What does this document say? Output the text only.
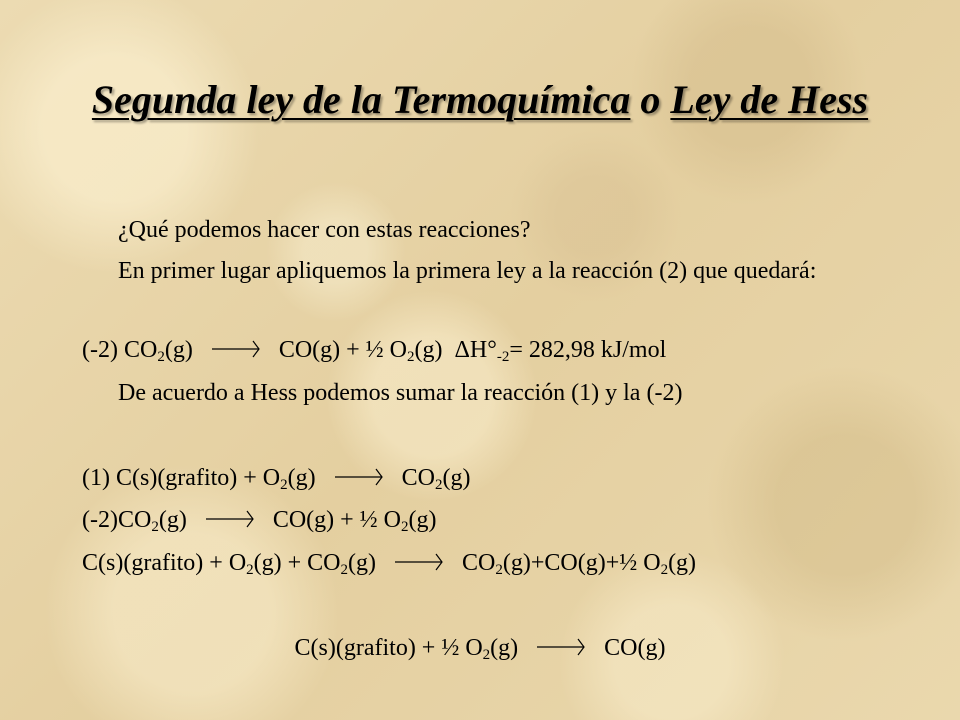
Segunda ley de la Termoquímica o Ley de Hess
¿Qué podemos hacer con estas reacciones?
En primer lugar apliquemos la primera ley a la reacción (2) que quedará:
(-2) $CO_2(g) \to CO(g)$ + ½ $O_2(g)$ $\Delta H^\circ_{-2}= 282,98$ kJ/mol
De acuerdo a Hess podemos sumar la reacción (1) y la (-2)
(1) C(s)(grafito) + $O_2(g) \to CO_2(g)$
$(-2)CO_2(g) \to CO(g)$ + ½ $O_2(g)$
C(s)(grafito) + $O_2(g) + CO_2(g)$ → $CO_2(g)+CO(g)+\frac{1}{2}$ $O_2(g)$
C(s)(grafito) + ½ $O_2(g) \to CO(g)$
